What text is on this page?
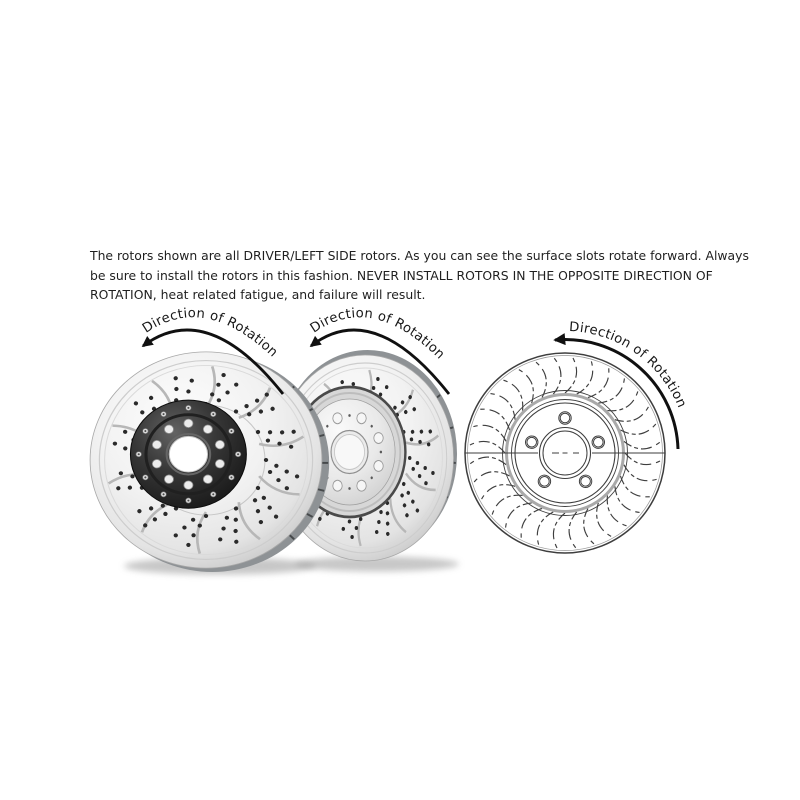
The rotors shown are all DRIVER/LEFT SIDE rotors. As you can see the surface slots rotate forward. Always
be sure to install the rotors in this fashion. NEVER INSTALL ROTORS IN THE OPPOSITE DIRECTION OF
ROTATION, heat related fatigue, and failure will result.
Direction of Rotation
Direction of Rotation
Direction of Rotation
